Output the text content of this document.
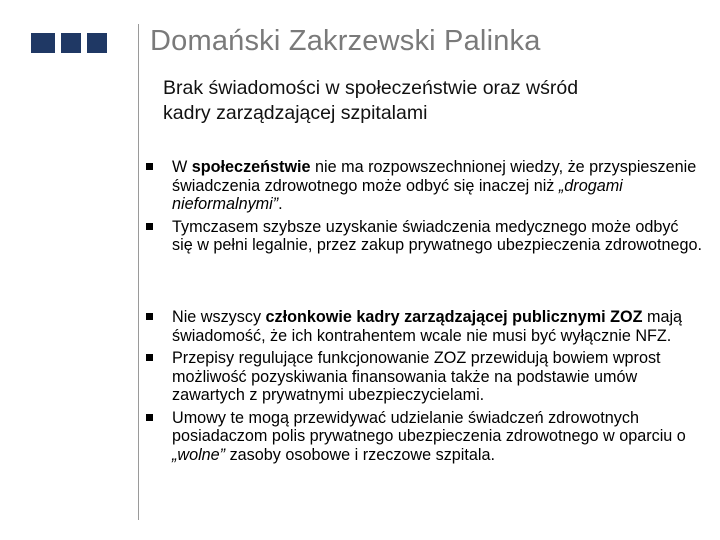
Domański Zakrzewski Palinka
Brak świadomości w społeczeństwie oraz wśród
kadry zarządzającej szpitalami
W społeczeństwie nie ma rozpowszechnionej wiedzy, że przyspieszenie świadczenia zdrowotnego może odbyć się inaczej niż „drogami nieformalnymi”.
Tymczasem szybsze uzyskanie świadczenia medycznego może odbyć się w pełni legalnie, przez zakup prywatnego ubezpieczenia zdrowotnego.
Nie wszyscy członkowie kadry zarządzającej publicznymi ZOZ mają świadomość, że ich kontrahentem wcale nie musi być wyłącznie NFZ.
Przepisy regulujące funkcjonowanie ZOZ przewidują bowiem wprost możliwość pozyskiwania finansowania także na podstawie umów zawartych z prywatnymi ubezpieczycielami.
Umowy te mogą przewidywać udzielanie świadczeń zdrowotnych posiadaczom polis prywatnego ubezpieczenia zdrowotnego w oparciu o „wolne” zasoby osobowe i rzeczowe szpitala.
